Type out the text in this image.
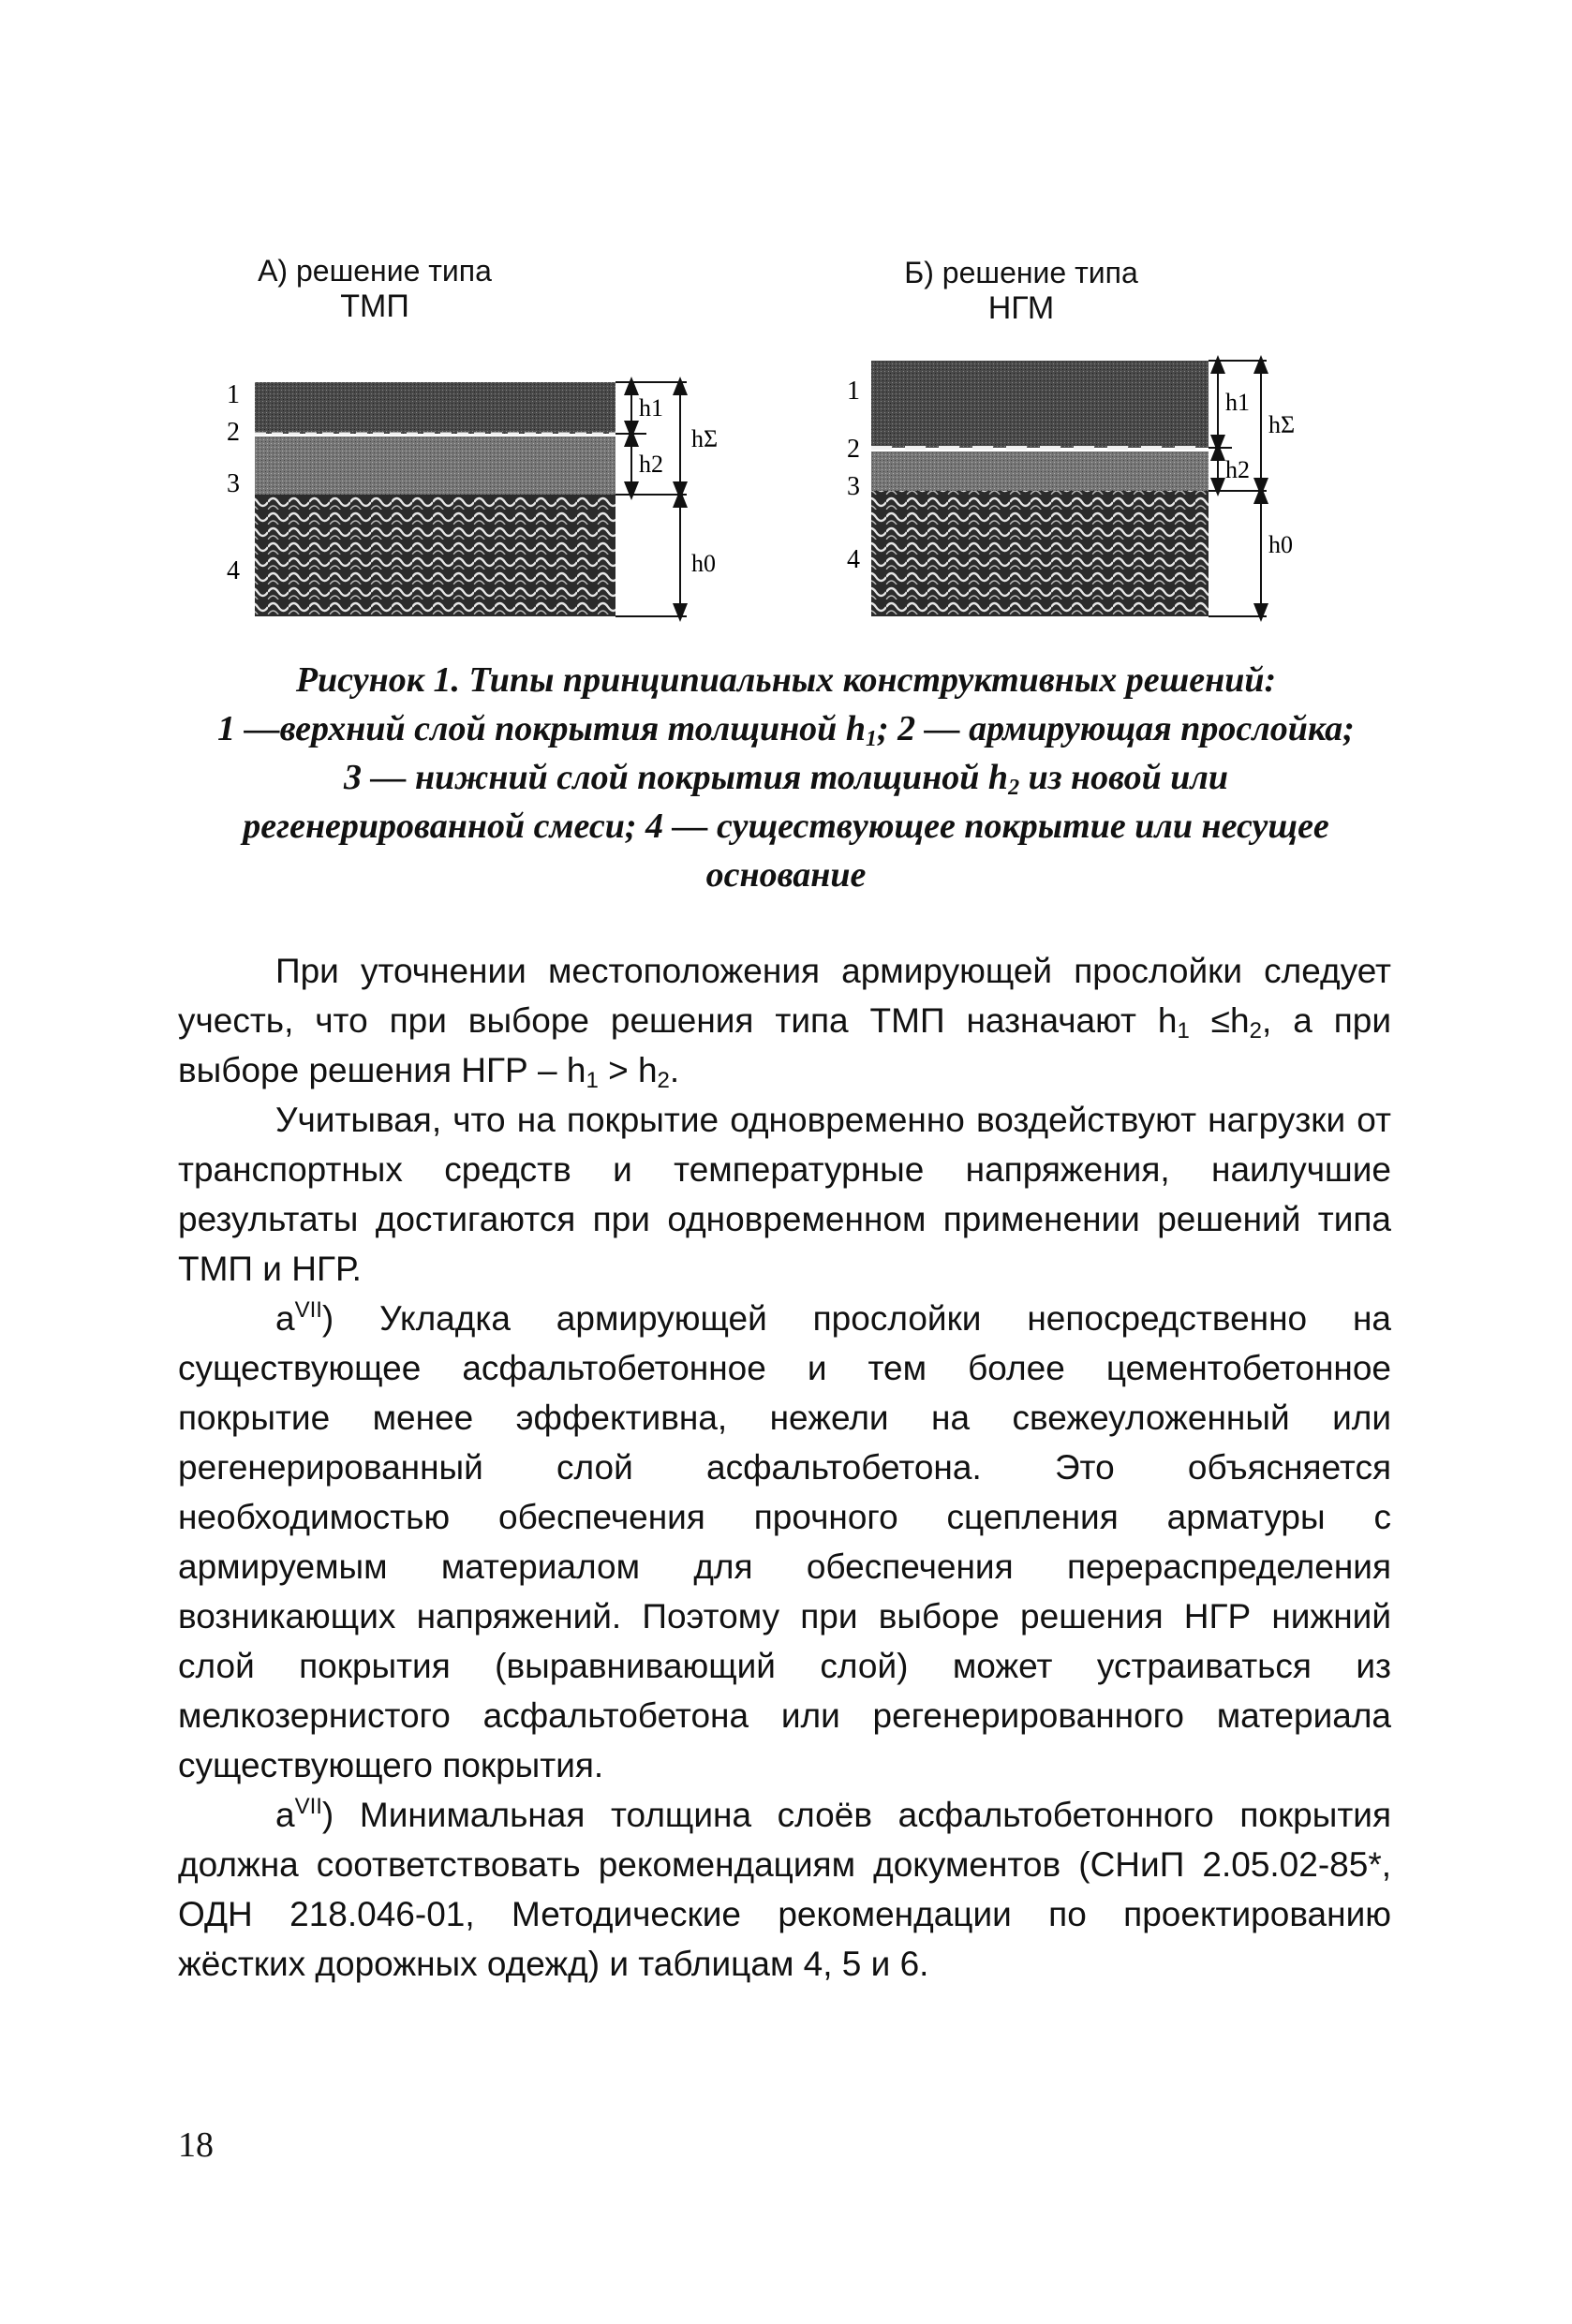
А) решение типа
ТМП
Б) решение типа
НГМ
1
2
3
4
h1
h2
hΣ
h0
1
2
3
4
h1
h2
hΣ
h0

Рисунок 1. Типы принципиальных конструктивных решений:

1 —верхний слой покрытия толщиной $h_1$; 2 — армирующая прослойка;

3 — нижний слой покрытия толщиной $h_2$ из новой или

регенерированной смеси; 4 — существующее покрытие или несущее

основание

При уточнении местоположения армирующей прослойки следует учесть, что при выборе решения типа ТМП назначают $h_1 \le h_2$, а при выборе решения НГР – $h_1 > h_2$.

Учитывая, что на покрытие одновременно воздействуют нагрузки от транспортных средств и температурные напряжения, наилучшие результаты достигаются при одновременном применении решений типа ТМП и НГР.

$a^{VII}$) Укладка армирующей прослойки непосредственно на существующее асфальтобетонное и тем более цементобетонное покрытие менее эффективна, нежели на свежеуложенный или регенерированный слой асфальтобетона. Это объясняется необходимостью обеспечения прочного сцепления арматуры с армируемым материалом для обеспечения перераспределения возникающих напряжений. Поэтому при выборе решения НГР нижний слой покрытия (выравнивающий слой) может устраиваться из мелкозернистого асфальтобетона или регенерированного материала существующего покрытия.

$a^{VII}$) Минимальная толщина слоёв асфальтобетонного покрытия должна соответствовать рекомендациям документов (СНиП 2.05.02-85*, ОДН 218.046-01, Методические рекомендации по проектированию жёстких дорожных одежд) и таблицам 4, 5 и 6.

18
